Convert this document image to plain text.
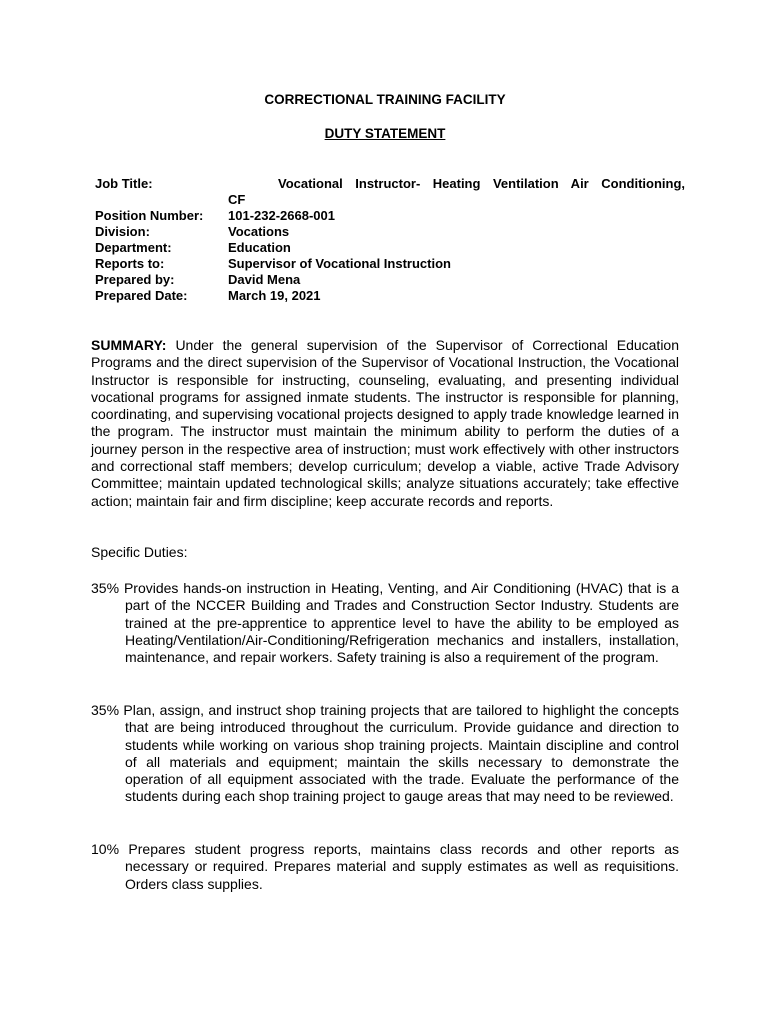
CORRECTIONAL TRAINING FACILITY
DUTY STATEMENT
Job Title:	Vocational Instructor- Heating Ventilation Air Conditioning,
CF
Position Number:	101-232-2668-001
Division:	Vocations
Department:	Education
Reports to:	Supervisor of Vocational Instruction
Prepared by:	David Mena
Prepared Date:	March 19, 2021
SUMMARY: Under the general supervision of the Supervisor of Correctional Education Programs and the direct supervision of the Supervisor of Vocational Instruction, the Vocational Instructor is responsible for instructing, counseling, evaluating, and presenting individual vocational programs for assigned inmate students. The instructor is responsible for planning, coordinating, and supervising vocational projects designed to apply trade knowledge learned in the program. The instructor must maintain the minimum ability to perform the duties of a journey person in the respective area of instruction; must work effectively with other instructors and correctional staff members; develop curriculum; develop a viable, active Trade Advisory Committee; maintain updated technological skills; analyze situations accurately; take effective action; maintain fair and firm discipline; keep accurate records and reports.
Specific Duties:
35% Provides hands-on instruction in Heating, Venting, and Air Conditioning (HVAC) that is a part of the NCCER Building and Trades and Construction Sector Industry. Students are trained at the pre-apprentice to apprentice level to have the ability to be employed as Heating/Ventilation/Air-Conditioning/Refrigeration mechanics and installers, installation, maintenance, and repair workers. Safety training is also a requirement of the program.
35% Plan, assign, and instruct shop training projects that are tailored to highlight the concepts that are being introduced throughout the curriculum. Provide guidance and direction to students while working on various shop training projects. Maintain discipline and control of all materials and equipment; maintain the skills necessary to demonstrate the operation of all equipment associated with the trade. Evaluate the performance of the students during each shop training project to gauge areas that may need to be reviewed.
10% Prepares student progress reports, maintains class records and other reports as necessary or required. Prepares material and supply estimates as well as requisitions. Orders class supplies.
